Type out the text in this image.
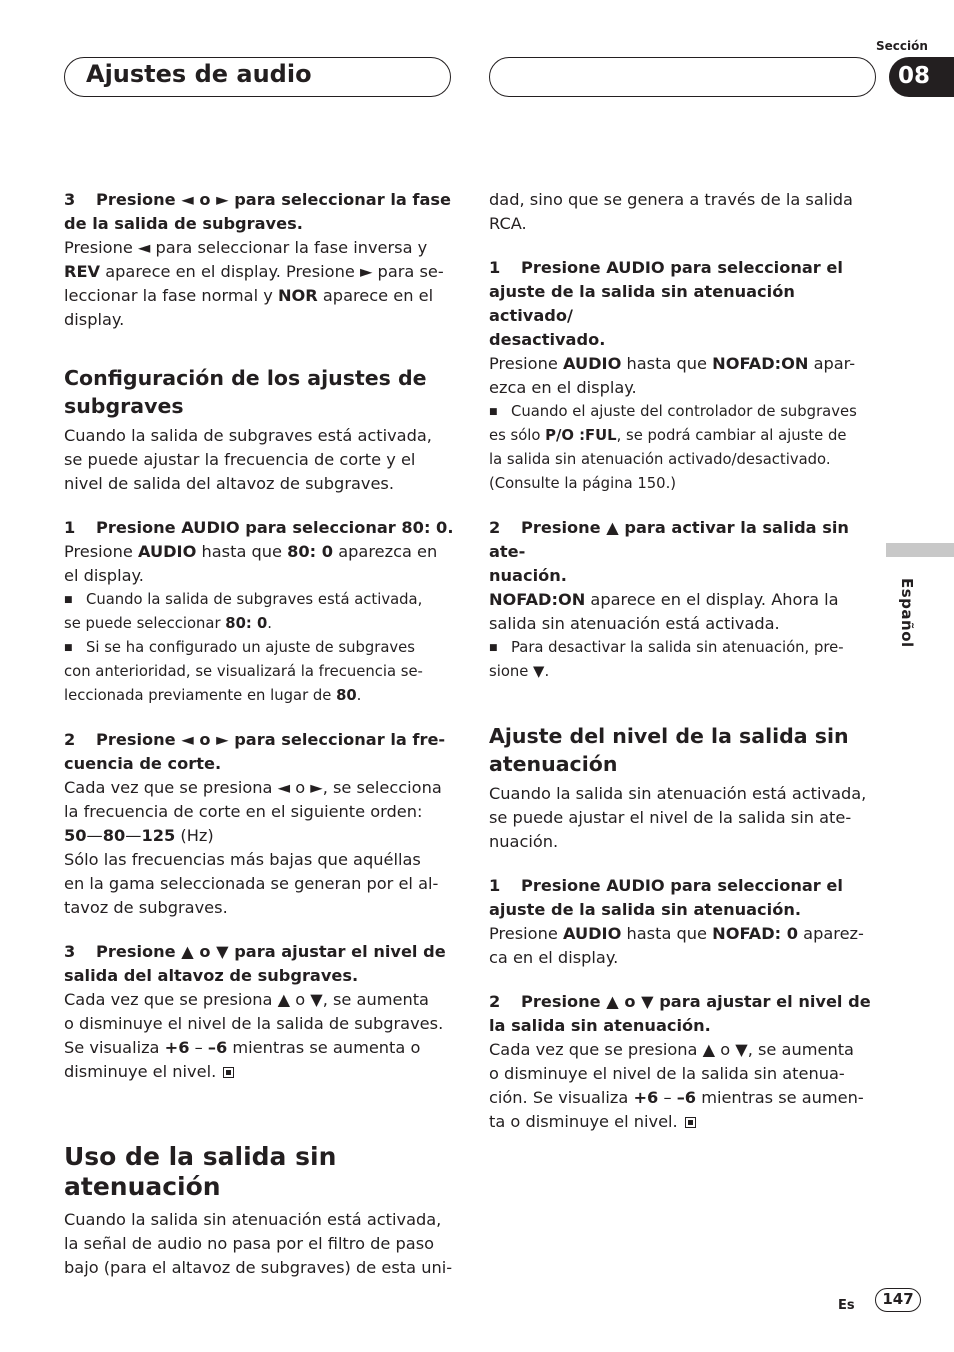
Ajustes de audio
Sección
08
Español

3 Presione ◄ o ► para seleccionar la fase

de la salida de subgraves.

Presione ◄ para seleccionar la fase inversa y

REV aparece en el display. Presione ► para se-

leccionar la fase normal y NOR aparece en el

display.

Configuración de los ajustes de

subgraves

Cuando la salida de subgraves está activada,

se puede ajustar la frecuencia de corte y el

nivel de salida del altavoz de subgraves.

1 Presione AUDIO para seleccionar 80: 0.

Presione AUDIO hasta que 80: 0 aparezca en

el display.

■ Cuando la salida de subgraves está activada,

se puede seleccionar 80: 0.

■ Si se ha configurado un ajuste de subgraves

con anterioridad, se visualizará la frecuencia se-

leccionada previamente en lugar de 80.

2 Presione ◄ o ► para seleccionar la fre-

cuencia de corte.

Cada vez que se presiona ◄ o ►, se selecciona

la frecuencia de corte en el siguiente orden:

50—80—125 (Hz)

Sólo las frecuencias más bajas que aquéllas

en la gama seleccionada se generan por el al-

tavoz de subgraves.

3 Presione ▲ o ▼ para ajustar el nivel de

salida del altavoz de subgraves.

Cada vez que se presiona ▲ o ▼, se aumenta

o disminuye el nivel de la salida de subgraves.

Se visualiza +6 – –6 mientras se aumenta o

disminuye el nivel.

Uso de la salida sin atenuación

Cuando la salida sin atenuación está activada,

la señal de audio no pasa por el filtro de paso

bajo (para el altavoz de subgraves) de esta uni-

dad, sino que se genera a través de la salida

RCA.

1 Presione AUDIO para seleccionar el

ajuste de la salida sin atenuación activado/

desactivado.

Presione AUDIO hasta que NOFAD:ON apar-

ezca en el display.

■ Cuando el ajuste del controlador de subgraves

es sólo P/O :FUL, se podrá cambiar al ajuste de

la salida sin atenuación activado/desactivado.

(Consulte la página 150.)

2 Presione ▲ para activar la salida sin ate-

nuación.

NOFAD:ON aparece en el display. Ahora la

salida sin atenuación está activada.

■ Para desactivar la salida sin atenuación, pre-

sione ▼.

Ajuste del nivel de la salida sin

atenuación

Cuando la salida sin atenuación está activada,

se puede ajustar el nivel de la salida sin ate-

nuación.

1 Presione AUDIO para seleccionar el

ajuste de la salida sin atenuación.

Presione AUDIO hasta que NOFAD: 0 aparez-

ca en el display.

2 Presione ▲ o ▼ para ajustar el nivel de

la salida sin atenuación.

Cada vez que se presiona ▲ o ▼, se aumenta

o disminuye el nivel de la salida sin atenua-

ción. Se visualiza +6 – –6 mientras se aumen-

ta o disminuye el nivel.

Es	147
